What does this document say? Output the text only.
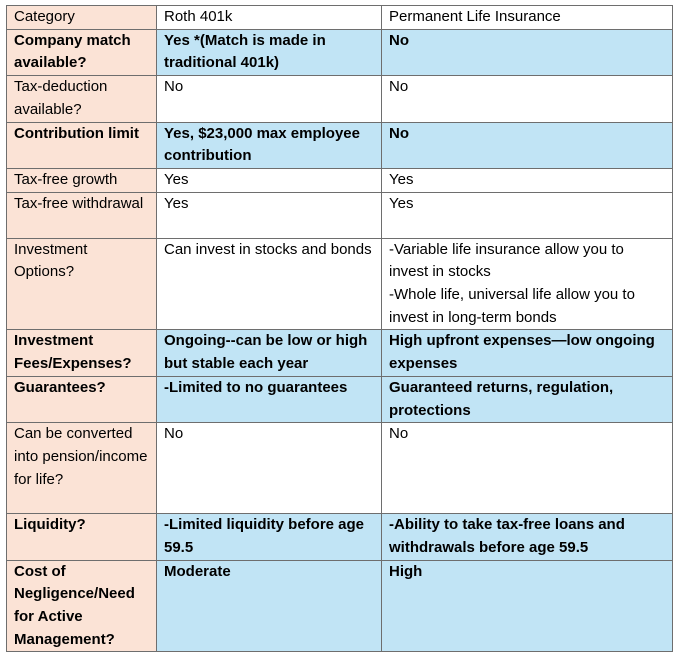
Category	Roth 401k	Permanent Life Insurance
Company match available?	Yes *(Match is made in traditional 401k)	No
Tax-deduction available?	No	No
Contribution limit	Yes, $23,000 max employee contribution	No
Tax-free growth	Yes	Yes
Tax-free withdrawal	Yes	Yes
Investment Options?	Can invest in stocks and bonds	-Variable life insurance allow you to invest in stocks
-Whole life, universal life allow you to invest in long-term bonds
Investment Fees/Expenses?	Ongoing--can be low or high but stable each year	High upfront expenses—low ongoing expenses
Guarantees?	-Limited to no guarantees	Guaranteed returns, regulation, protections
Can be converted into pension/income for life?	No	No
Liquidity?	-Limited liquidity before age 59.5	-Ability to take tax-free loans and withdrawals before age 59.5
Cost of Negligence/Need for Active Management?	Moderate	High
